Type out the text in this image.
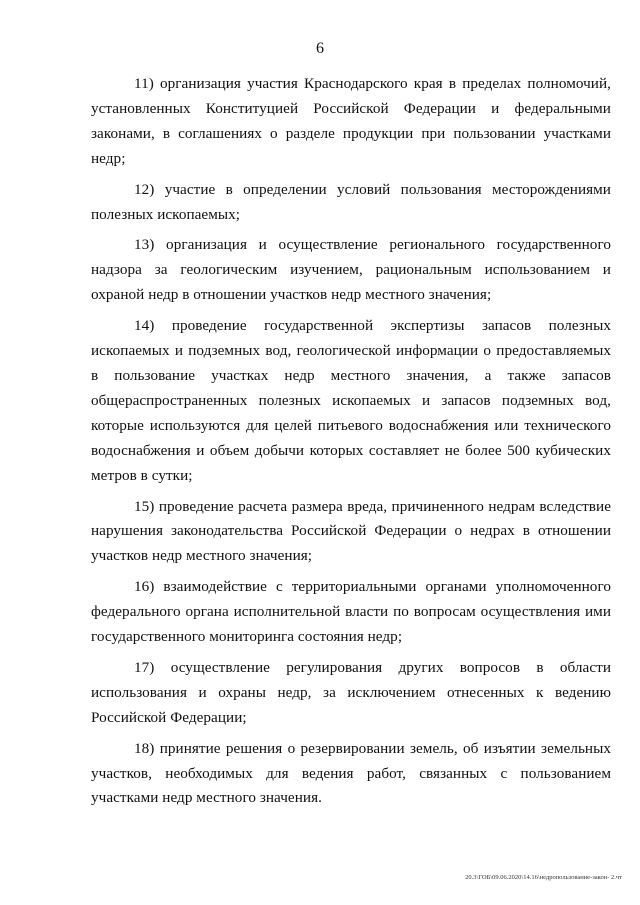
6

11) организация участия Краснодарского края в пределах полномочий, установленных Конституцией Российской Федерации и федеральными законами, в соглашениях о разделе продукции при пользовании участками недр;

12) участие в определении условий пользования месторождениями полезных ископаемых;

13) организация и осуществление регионального государственного надзора за геологическим изучением, рациональным использованием и охраной недр в отношении участков недр местного значения;

14) проведение государственной экспертизы запасов полезных ископаемых и подземных вод, геологической информации о предоставляемых в пользование участках недр местного значения, а также запасов общераспространенных полезных ископаемых и запасов подземных вод, которые используются для целей питьевого водоснабжения или технического водоснабжения и объем добычи которых составляет не более 500 кубических метров в сутки;

15) проведение расчета размера вреда, причиненного недрам вследствие нарушения законодательства Российской Федерации о недрах в отношении участков недр местного значения;

16) взаимодействие с территориальными органами уполномоченного федерального органа исполнительной власти по вопросам осуществления ими государственного мониторинга состояния недр;

17) осуществление регулирования других вопросов в области использования и охраны недр, за исключением отнесенных к ведению Российской Федерации;

18) принятие решения о резервировании земель, об изъятии земельных участков, необходимых для ведения работ, связанных с пользованием участками недр местного значения.

20.3\ГОБ\09.06.2020\14.16\недропользование-закон- 2.чт
